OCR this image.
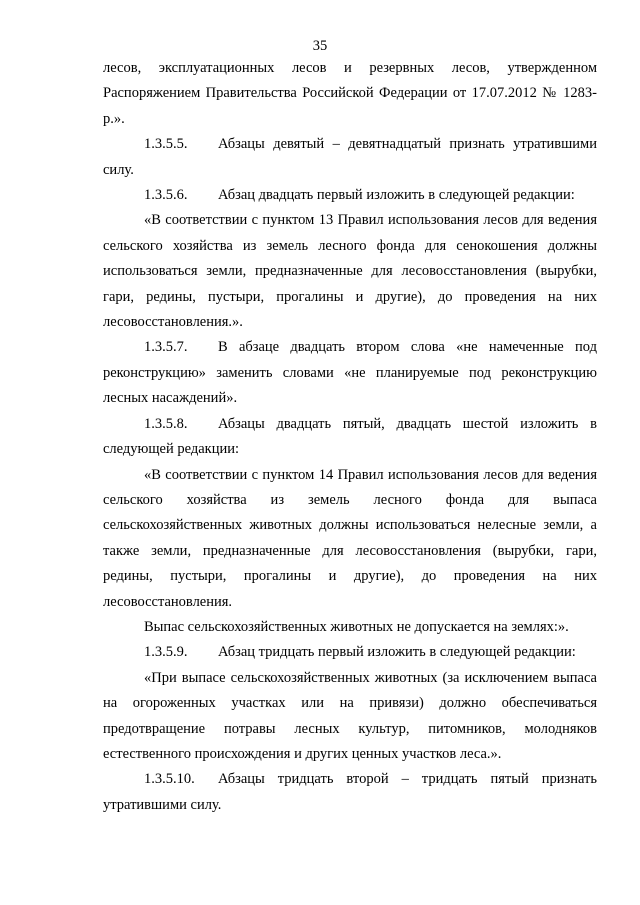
35

лесов, эксплуатационных лесов и резервных лесов, утвержденном Распоряжением Правительства Российской Федерации от 17.07.2012 № 1283-р.».

1.3.5.5. Абзацы девятый – девятнадцатый признать утратившими силу.

1.3.5.6. Абзац двадцать первый изложить в следующей редакции:

«В соответствии с пунктом 13 Правил использования лесов для ведения сельского хозяйства из земель лесного фонда для сенокошения должны использоваться земли, предназначенные для лесовосстановления (вырубки, гари, редины, пустыри, прогалины и другие), до проведения на них лесовосстановления.».

1.3.5.7. В абзаце двадцать втором слова «не намеченные под реконструкцию» заменить словами «не планируемые под реконструкцию лесных насаждений».

1.3.5.8. Абзацы двадцать пятый, двадцать шестой изложить в следующей редакции:

«В соответствии с пунктом 14 Правил использования лесов для ведения сельского хозяйства из земель лесного фонда для выпаса сельскохозяйственных животных должны использоваться нелесные земли, а также земли, предназначенные для лесовосстановления (вырубки, гари, редины, пустыри, прогалины и другие), до проведения на них лесовосстановления.

Выпас сельскохозяйственных животных не допускается на землях:».

1.3.5.9. Абзац тридцать первый изложить в следующей редакции:

«При выпасе сельскохозяйственных животных (за исключением выпаса на огороженных участках или на привязи) должно обеспечиваться предотвращение потравы лесных культур, питомников, молодняков естественного происхождения и других ценных участков леса.».

1.3.5.10. Абзацы тридцать второй – тридцать пятый признать утратившими силу.
